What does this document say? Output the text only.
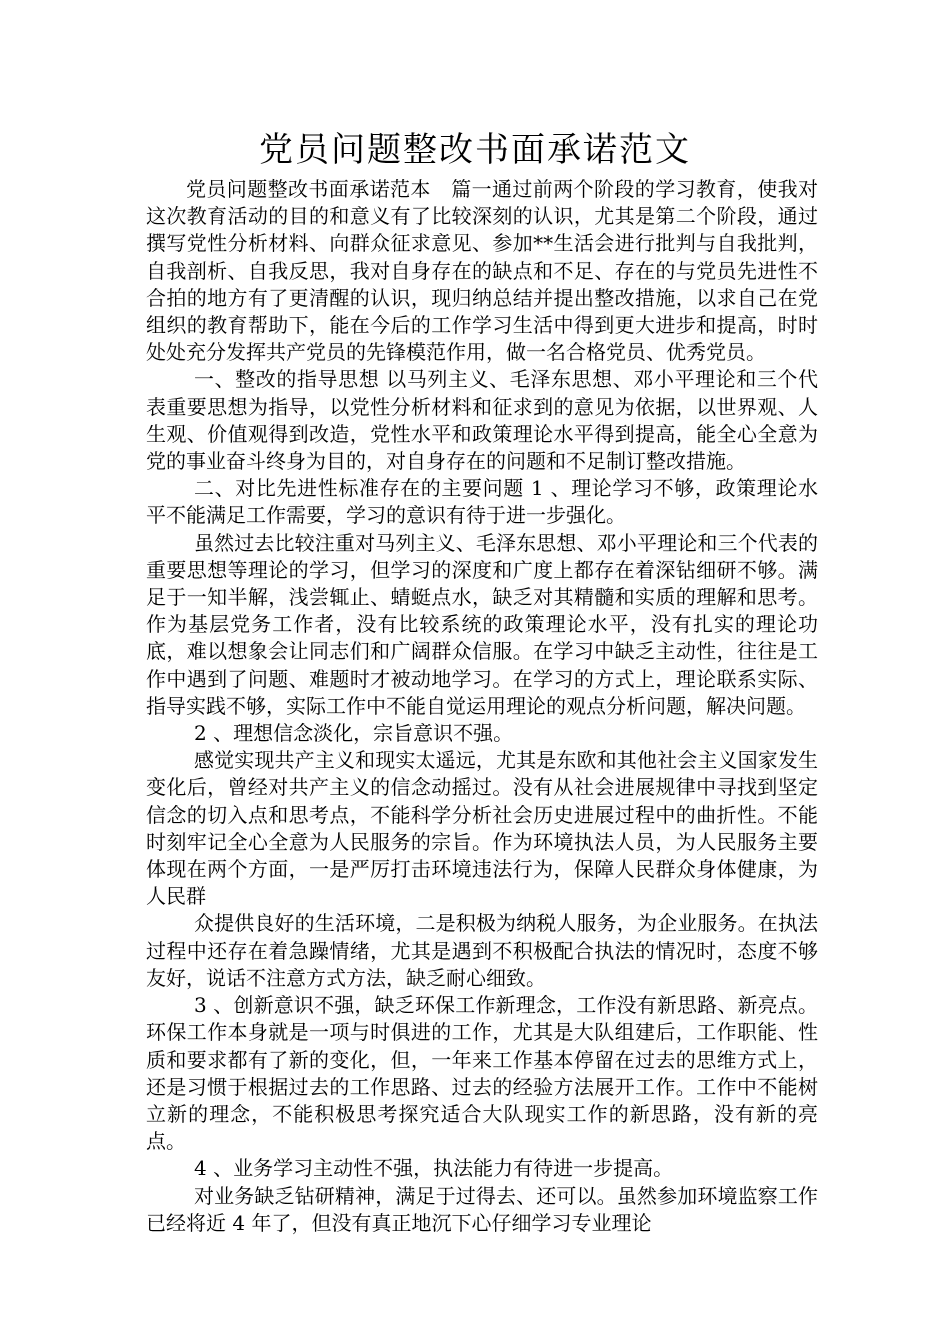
党员问题整改书面承诺范文

党员问题整改书面承诺范本　篇一通过前两个阶段的学习教育，使我对这次教育活动的目的和意义有了比较深刻的认识，尤其是第二个阶段，通过撰写党性分析材料、向群众征求意见、参加**生活会进行批判与自我批判，自我剖析、自我反思，我对自身存在的缺点和不足、存在的与党员先进性不合拍的地方有了更清醒的认识，现归纳总结并提出整改措施，以求自己在党组织的教育帮助下，能在今后的工作学习生活中得到更大进步和提高，时时处处充分发挥共产党员的先锋模范作用，做一名合格党员、优秀党员。

一、整改的指导思想 以马列主义、毛泽东思想、邓小平理论和三个代表重要思想为指导，以党性分析材料和征求到的意见为依据，以世界观、人生观、价值观得到改造，党性水平和政策理论水平得到提高，能全心全意为党的事业奋斗终身为目的，对自身存在的问题和不足制订整改措施。

二、对比先进性标准存在的主要问题 1 、理论学习不够，政策理论水平不能满足工作需要，学习的意识有待于进一步强化。

虽然过去比较注重对马列主义、毛泽东思想、邓小平理论和三个代表的重要思想等理论的学习，但学习的深度和广度上都存在着深钻细研不够。满足于一知半解，浅尝辄止、蜻蜓点水，缺乏对其精髓和实质的理解和思考。作为基层党务工作者，没有比较系统的政策理论水平，没有扎实的理论功底，难以想象会让同志们和广阔群众信服。在学习中缺乏主动性，往往是工作中遇到了问题、难题时才被动地学习。在学习的方式上，理论联系实际、指导实践不够，实际工作中不能自觉运用理论的观点分析问题，解决问题。

2 、理想信念淡化，宗旨意识不强。

感觉实现共产主义和现实太遥远，尤其是东欧和其他社会主义国家发生变化后，曾经对共产主义的信念动摇过。没有从社会进展规律中寻找到坚定信念的切入点和思考点，不能科学分析社会历史进展过程中的曲折性。不能时刻牢记全心全意为人民服务的宗旨。作为环境执法人员，为人民服务主要体现在两个方面，一是严厉打击环境违法行为，保障人民群众身体健康，为人民群

众提供良好的生活环境，二是积极为纳税人服务，为企业服务。在执法过程中还存在着急躁情绪，尤其是遇到不积极配合执法的情况时，态度不够友好，说话不注意方式方法，缺乏耐心细致。

3 、创新意识不强，缺乏环保工作新理念，工作没有新思路、新亮点。环保工作本身就是一项与时俱进的工作，尤其是大队组建后，工作职能、性质和要求都有了新的变化，但，一年来工作基本停留在过去的思维方式上，还是习惯于根据过去的工作思路、过去的经验方法展开工作。工作中不能树立新的理念，不能积极思考探究适合大队现实工作的新思路，没有新的亮点。

4 、业务学习主动性不强，执法能力有待进一步提高。

对业务缺乏钻研精神，满足于过得去、还可以。虽然参加环境监察工作已经将近 4 年了，但没有真正地沉下心仔细学习专业理论
